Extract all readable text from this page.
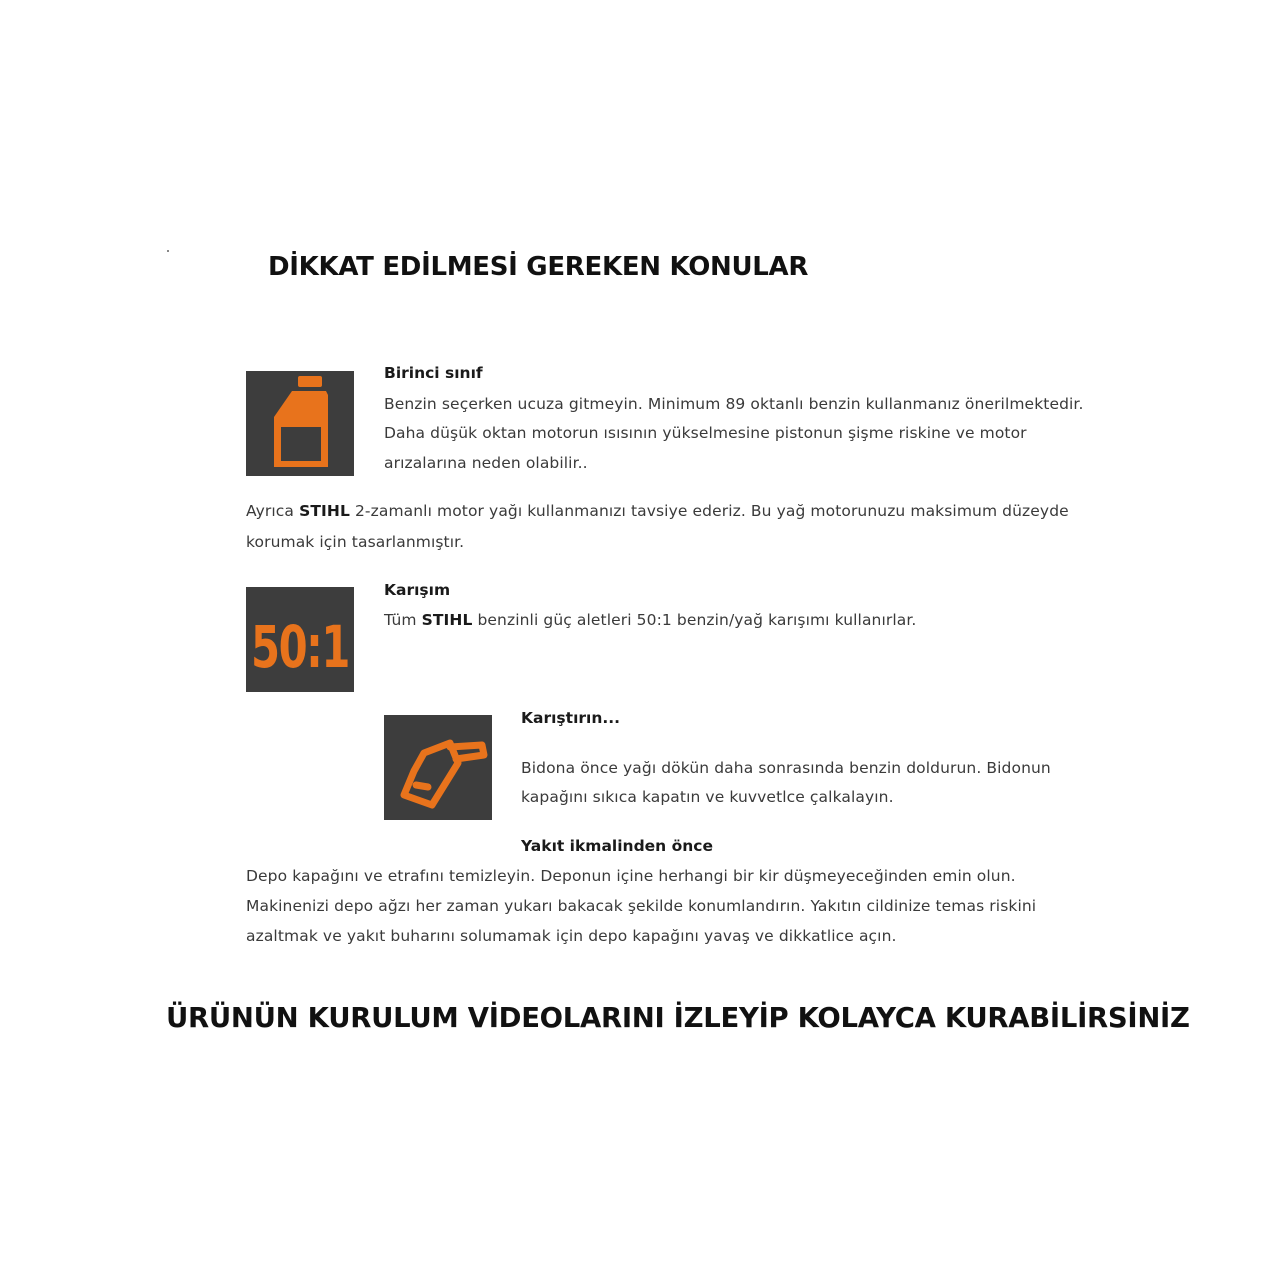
DİKKAT EDİLMESİ GEREKEN KONULAR
Birinci sınıf
Benzin seçerken ucuza gitmeyin. Minimum 89 oktanlı benzin kullanmanız önerilmektedir.
Daha düşük oktan motorun ısısının yükselmesine pistonun şişme riskine ve motor
arızalarına neden olabilir..
Ayrıca STIHL 2-zamanlı motor yağı kullanmanızı tavsiye ederiz. Bu yağ motorunuzu maksimum düzeyde
korumak için tasarlanmıştır.
50:1
Karışım
Tüm STIHL benzinli güç aletleri 50:1 benzin/yağ karışımı kullanırlar.
Karıştırın...
Bidona önce yağı dökün daha sonrasında benzin doldurun. Bidonun
kapağını sıkıca kapatın ve kuvvetlce çalkalayın.
Yakıt ikmalinden önce
Depo kapağını ve etrafını temizleyin. Deponun içine herhangi bir kir düşmeyeceğinden emin olun.
Makinenizi depo ağzı her zaman yukarı bakacak şekilde konumlandırın. Yakıtın cildinize temas riskini
azaltmak ve yakıt buharını solumamak için depo kapağını yavaş ve dikkatlice açın.
ÜRÜNÜN KURULUM VİDEOLARINI İZLEYİP KOLAYCA KURABİLİRSİNİZ
